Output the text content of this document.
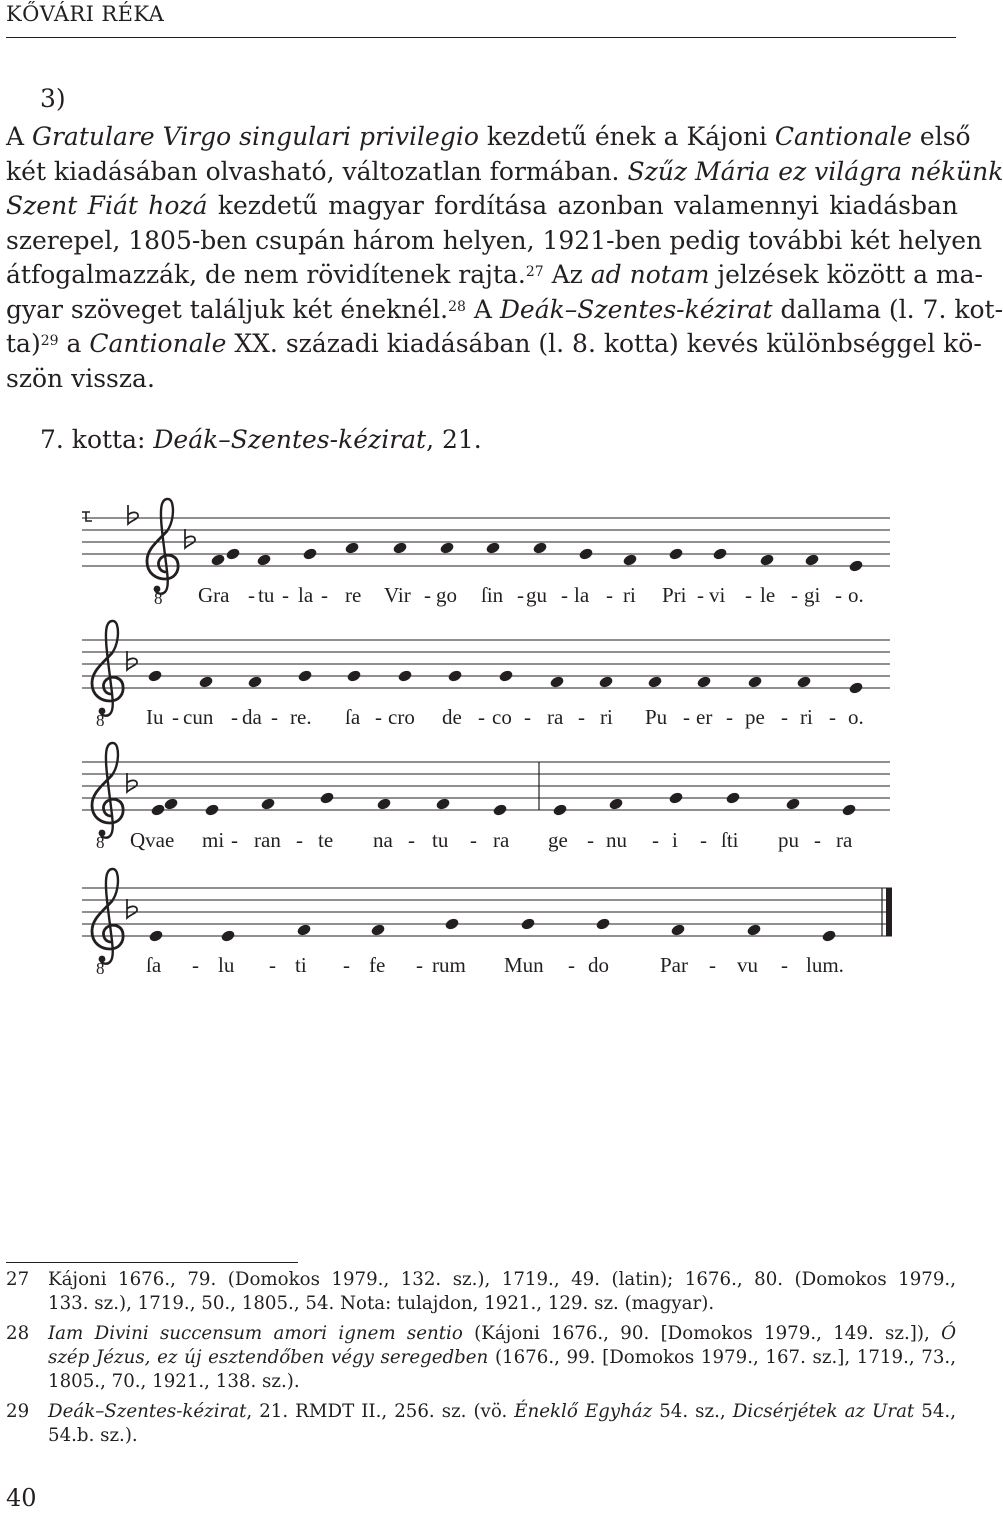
KŐVÁRI RÉKA
3)
A Gratulare Virgo singulari privilegio kezdetű ének a Kájoni Cantionale első
két kiadásában olvasható, változatlan formában. Szűz Mária ez világra nékünk
Szent Fiát hozá kezdetű magyar fordítása azonban valamennyi kiadásban
szerepel, 1805-ben csupán három helyen, 1921-ben pedig további két helyen
átfogalmazzák, de nem rövidítenek rajta.$^{27}$ Az ad notam jelzések között a ma-
gyar szöveget találjuk két éneknél.$^{28}$ A Deák–Szentes-kézirat dallama (l. 7. kot-
ta)$^{29}$ a Cantionale XX. századi kiadásában (l. 8. kotta) kevés különbséggel kö-
szön vissza.
7. kotta: Deák–Szentes-kézirat, 21.
8 Gra - tu - la - re Vir - go ſin - gu - la - ri Pri - vi - le - gi - o.
8 Iu - cun - da - re. ſa - cro de - co - ra - ri Pu - er - pe - ri - o.
8 Qvae mi - ran - te na - tu - ra ge - nu - i - ſti pu - ra
8 ſa - lu - ti - fe - rum Mun - do Par - vu - lum.
27 Kájoni 1676., 79. (Domokos 1979., 132. sz.), 1719., 49. (latin); 1676., 80. (Domokos 1979.,
133. sz.), 1719., 50., 1805., 54. Nota: tulajdon, 1921., 129. sz. (magyar).
28 Iam Divini succensum amori ignem sentio (Kájoni 1676., 90. [Domokos 1979., 149. sz.]), Ó
szép Jézus, ez új esztendőben végy seregedben (1676., 99. [Domokos 1979., 167. sz.], 1719., 73.,
1805., 70., 1921., 138. sz.).
29 Deák–Szentes-kézirat, 21. RMDT II., 256. sz. (vö. Éneklő Egyház 54. sz., Dicsérjétek az Urat 54.,
54.b. sz.).
40
